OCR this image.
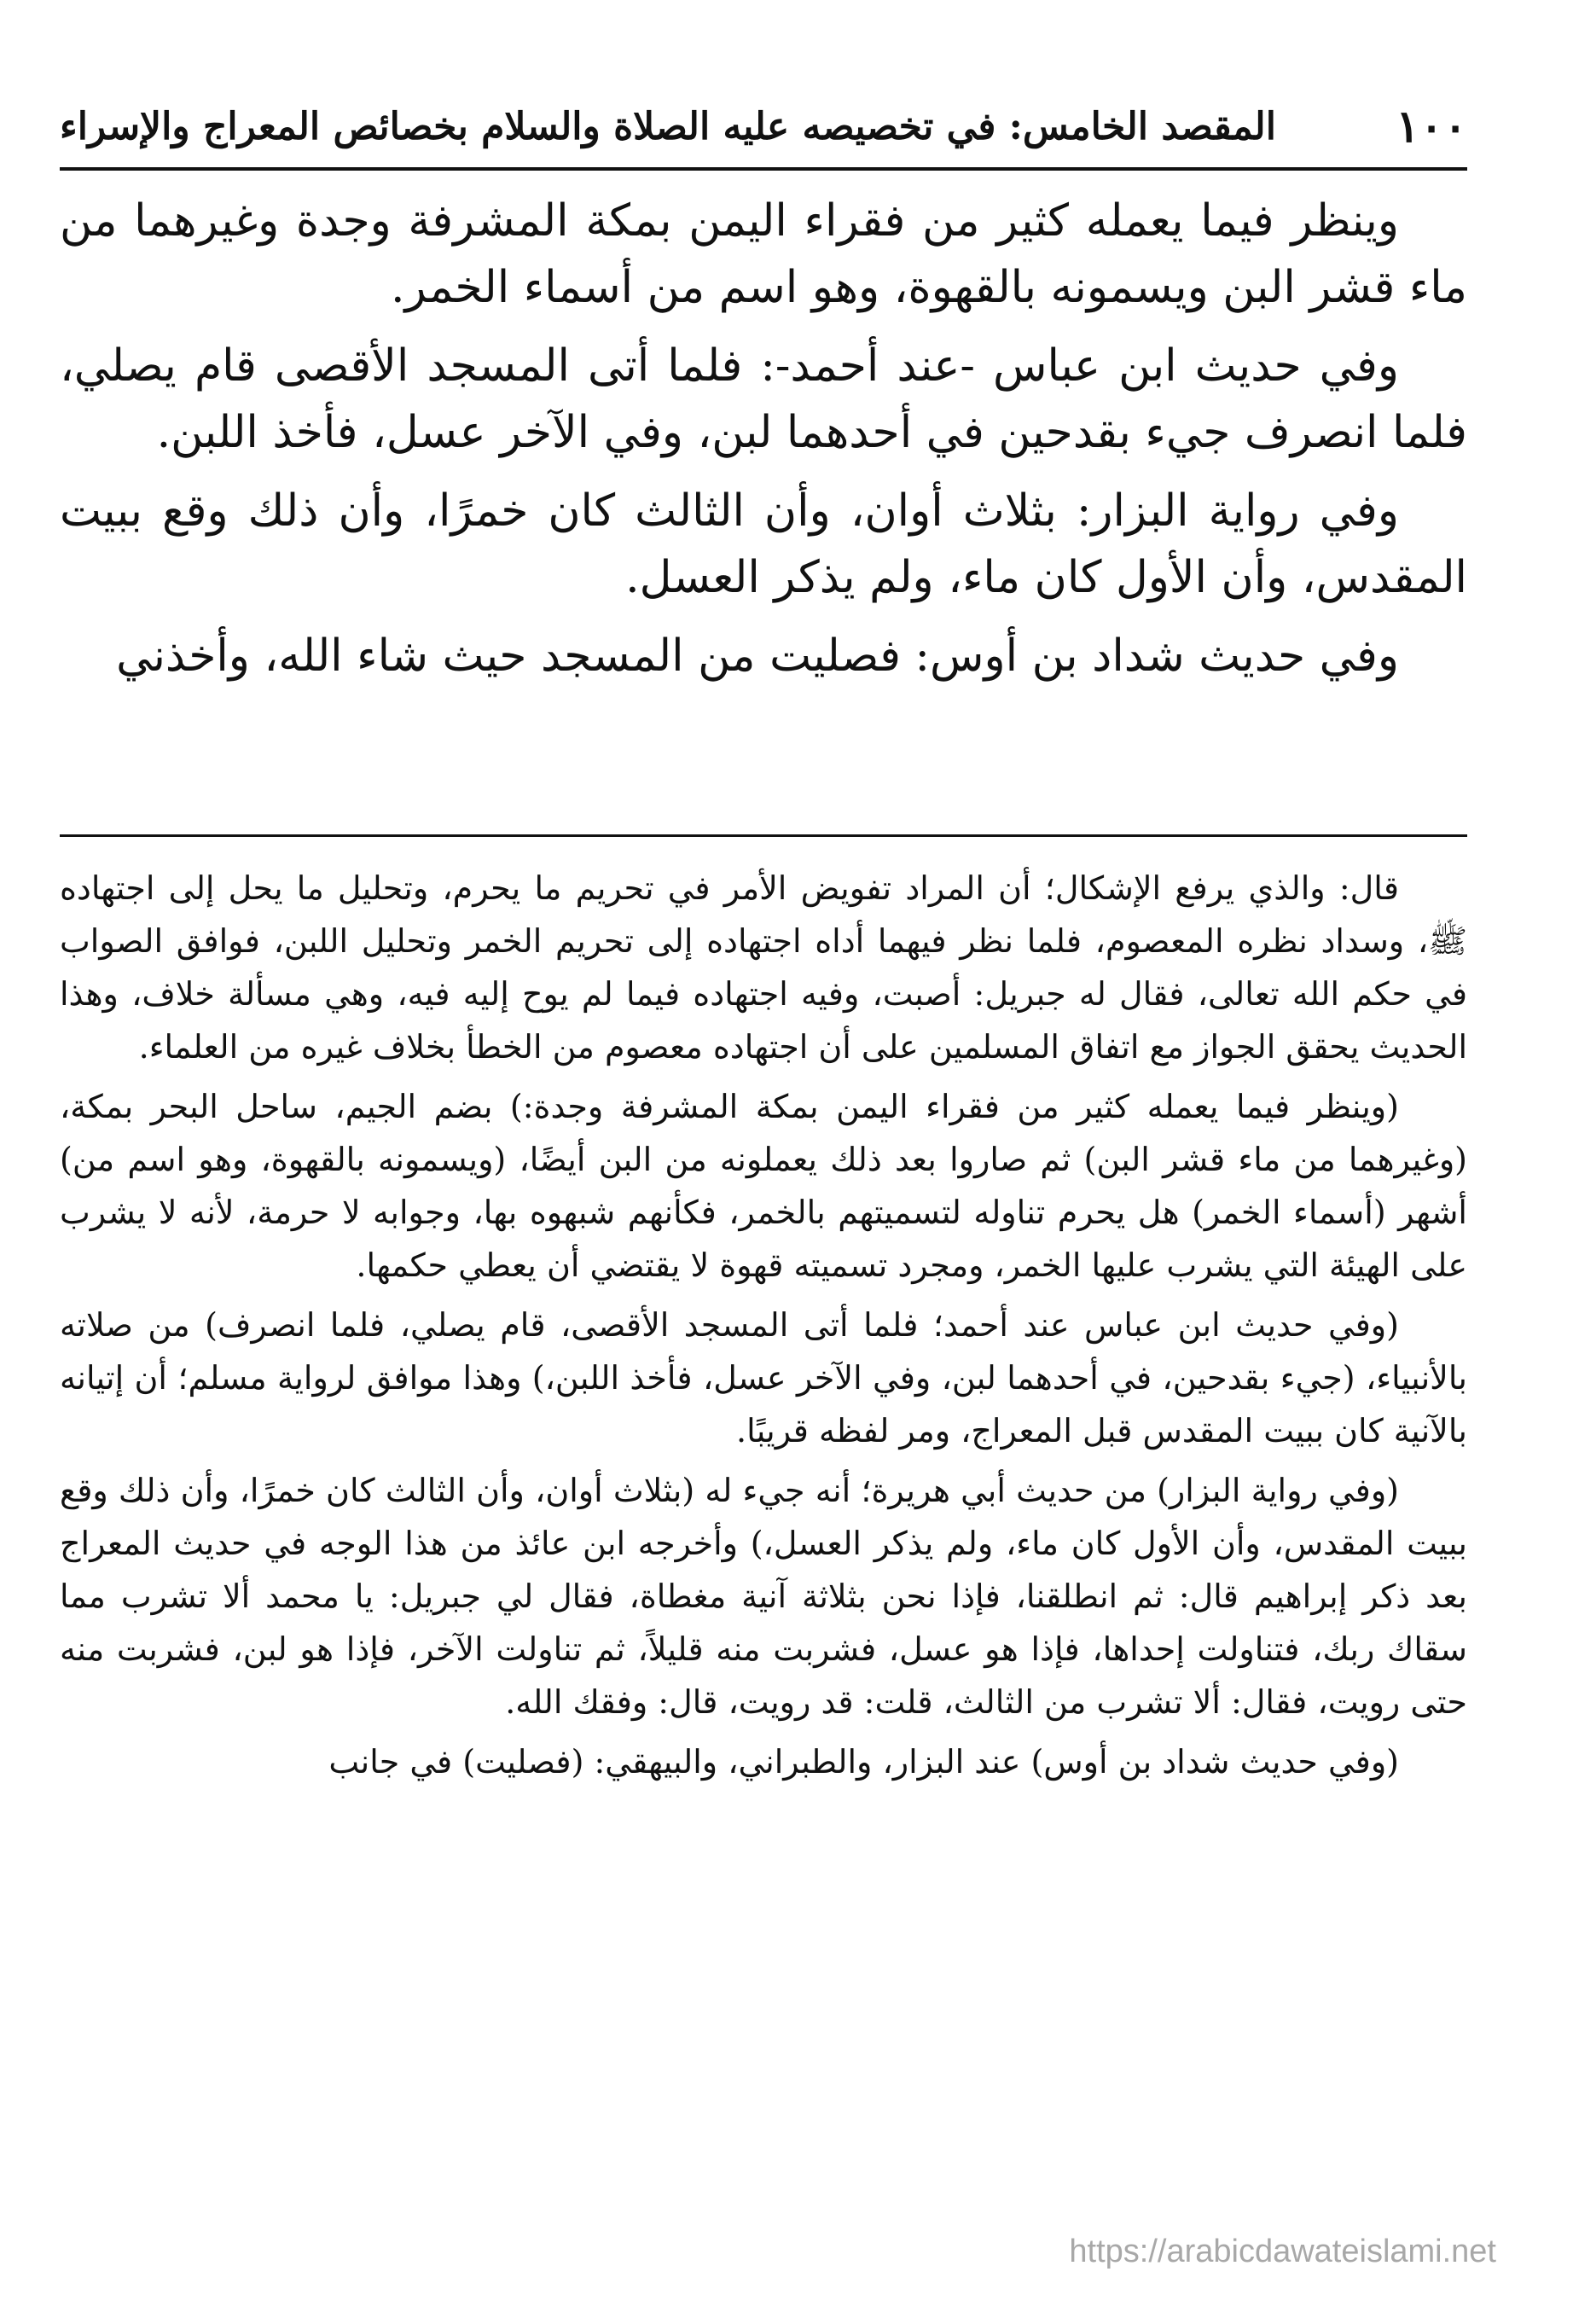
١٠٠
المقصد الخامس: في تخصيصه عليه الصلاة والسلام بخصائص المعراج والإسراء

وينظر فيما يعمله كثير من فقراء اليمن بمكة المشرفة وجدة وغيرهما من ماء قشر البن ويسمونه بالقهوة، وهو اسم من أسماء الخمر.

وفي حديث ابن عباس -عند أحمد-: فلما أتى المسجد الأقصى قام يصلي، فلما انصرف جيء بقدحين في أحدهما لبن، وفي الآخر عسل، فأخذ اللبن.

وفي رواية البزار: بثلاث أوان، وأن الثالث كان خمرًا، وأن ذلك وقع ببيت المقدس، وأن الأول كان ماء، ولم يذكر العسل.

وفي حديث شداد بن أوس: فصليت من المسجد حيث شاء الله، وأخذني

قال: والذي يرفع الإشكال؛ أن المراد تفويض الأمر في تحريم ما يحرم، وتحليل ما يحل إلى اجتهاده ﷺ، وسداد نظره المعصوم، فلما نظر فيهما أداه اجتهاده إلى تحريم الخمر وتحليل اللبن، فوافق الصواب في حكم الله تعالى، فقال له جبريل: أصبت، وفيه اجتهاده فيما لم يوح إليه فيه، وهي مسألة خلاف، وهذا الحديث يحقق الجواز مع اتفاق المسلمين على أن اجتهاده معصوم من الخطأ بخلاف غيره من العلماء.

(وينظر فيما يعمله كثير من فقراء اليمن بمكة المشرفة وجدة:) بضم الجيم، ساحل البحر بمكة، (وغيرهما من ماء قشر البن) ثم صاروا بعد ذلك يعملونه من البن أيضًا، (ويسمونه بالقهوة، وهو اسم من) أشهر (أسماء الخمر) هل يحرم تناوله لتسميتهم بالخمر، فكأنهم شبهوه بها، وجوابه لا حرمة، لأنه لا يشرب على الهيئة التي يشرب عليها الخمر، ومجرد تسميته قهوة لا يقتضي أن يعطي حكمها.

(وفي حديث ابن عباس عند أحمد؛ فلما أتى المسجد الأقصى، قام يصلي، فلما انصرف) من صلاته بالأنبياء، (جيء بقدحين، في أحدهما لبن، وفي الآخر عسل، فأخذ اللبن،) وهذا موافق لرواية مسلم؛ أن إتيانه بالآنية كان ببيت المقدس قبل المعراج، ومر لفظه قريبًا.

(وفي رواية البزار) من حديث أبي هريرة؛ أنه جيء له (بثلاث أوان، وأن الثالث كان خمرًا، وأن ذلك وقع ببيت المقدس، وأن الأول كان ماء، ولم يذكر العسل،) وأخرجه ابن عائذ من هذا الوجه في حديث المعراج بعد ذكر إبراهيم قال: ثم انطلقنا، فإذا نحن بثلاثة آنية مغطاة، فقال لي جبريل: يا محمد ألا تشرب مما سقاك ربك، فتناولت إحداها، فإذا هو عسل، فشربت منه قليلاً، ثم تناولت الآخر، فإذا هو لبن، فشربت منه حتى رويت، فقال: ألا تشرب من الثالث، قلت: قد رويت، قال: وفقك الله.

(وفي حديث شداد بن أوس) عند البزار، والطبراني، والبيهقي: (فصليت) في جانب

https://arabicdawateislami.net
